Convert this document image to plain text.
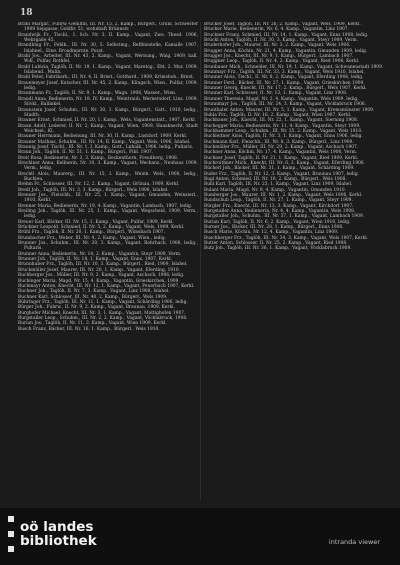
18

Brahl Margar., Fuhrw.-Gehilfin, III. Nr. 15, 2. Kamp., Bürgerl., Grünl. Schwester 1909 Sepgasse, Goldbr. 51, wohnhaft Brünnstr.

Brandwijk Fr., Tischl., 1. Sch. Nr. 3, II. Kamp., Vagant, Zwe. Thesd. 1906, Wehrgaße 45.

Brandhlug Fr., Fehlh., III. Nr. 30, 5. Selbstmg., Reffmnstelle, Kamalle 1907, Islahnel., Eine. Broadmarnte. Pozst.

Brahl Jos., Arbeiter, III. Nr. 43, 2. Kamp., Vagant, Wernung., Walg. 1909, hall. Wdl., Pulfar, Rothfel.

Brahl Lubicia, Taglöh, II. Nr. 19, 1. Kamp., Vagant, Maretog., Ebt. 2. Mur. 1909, Islahend., Mulin.

Brahl Peter, Fabrikarb., III. Nr. 4, II. Brnst., Gotthard., 1909, Krimshob., Brnst.

Brauemeyer Josef, Kutscher, III. Nr. 45, 2. Kamp., Klingsch, Wien., Pulfar, 1909, ledig.

Braunmann Fr., Taglöh, II. Nr. 9, 1. Kamp., Wagn. 1906, Wasser., Wien.

Brandl Anna, Bedienerin, Nr. 18, IV. Kamp., Weintraub, Wernersdorf, Linz. 1909, Slivkl., Ballinkel.

Braunstein Josef, Schuhm., III. Nr. 30, 1. Kamp., Bürgerl., Gatt., 1910, ledig., Stadtb.

Brauner Ernst, Schmied, II. Nr. 20, 1. Kamp., Wels, Vagantenstatt., 1907, Kerkl.

Braun Adolf, Lederer, II. Nr. 2, Kamp., Vagant, Wien, 1909, Hausknecht, Stadt Weichsel., Kl.

Brauner Herrmann, Bedienung, III. Nr. 30, II. Kamp., Lnstdorf, 1909, Kerkl.

Brauner Mathias, Schuhm., III. Nr. 14, II. Kamp., Vagant, Wels, 1906, Islahel.

Braunig Josef, Tischl., III. Nr. 1, I. Kamp., Gott., Lnhalk., 1906, ledig., Pultaris.

Braun Joh., Taglöh, II. Nr. 51, 1. Kamp., Bürgerl., Fibl. 1907.

Breit Rosa, Bedienerin, Nr. 3, 3. Kamp., Beckenthorn, Freudberg, 1908.

Brechlner Anna, Kellnerin, Nr. 10, 3. Kamp., Vagant, Wechanz., Neuhaus 1909, Verm., ledig.

Brechtl Alois, Maurerg., III. Nr. 15, I. Kamp., Weinh. Wels, 1908, ledig., Buchleu.

Brehm Fr., Schlosser, III. Nr. 12, 2. Kamp., Vagant, Grünau, 1909, Kerkl.

Bredl Joh., Taglöh, III. Nr. 3, 3. Kamp., Bürgerl., Wels 1906, Islahel.

Brenner Jos., Fleischh., III. Nr. 25, 1. Kamp., Vagant, Gmunden, Weinzierl., 1910, Kerkl.

Brenner Maria, Bedienerin, Nr. 19, 4. Kamp., Vagantin, Lambach, 1907, ledig.

Breiling Joh., Taglöh, III. Nr. 25, 1. Kamp., Vagant, Wegscheid, 1909, Verm., ledig.

Breuer Karl, Bäcker, III. Nr. 15, 1. Kamp., Vagant, Pulfar, 1909, Kerkl.

Brückner Leopold, Schmied, II. Nr. 5, 2. Kamp., Vagant, Wels, 1909, Kerkl.

Brühl Frz., Taglöh, II. Nr. 20, 1. Kamp., Bürgerl., Wimsbach 1907.

Brumbacher Frz., Weber, III. Nr. 4, 2. Kamp., Vagant, Wien., ledig.

Brunner Jos., Schuhm., III. Nr. 30, 3. Kamp., Vagant, Rohrbach, 1908, ledig., Pultaris.

Brunner Anna, Bedienerin, Nr. 14, 2. Kamp., Vagantin, Steyr 1909, Verm.

Brunner Joh., Taglöh, II. Nr. 18, 1. Kamp., Vagant, Enns, 1907, Kerkl.

Brunnhuber Frz., Taglöh, III. Nr. 10, 3. Kamp., Bürgerl., Ried, 1909, Islahel.

Bruckmüller Josef, Maurer, III. Nr. 20, 1. Kamp., Vagant, Eferding, 1910.

Buchberger Jos., Müller, III. Nr. 9, 2. Kamp., Vagant, Aschach, 1906, ledig.

Buchinger Maria, Magd, Nr. 15, 4. Kamp., Vagantin, Grieskirchen, 1909.

Buchmayr Anton, Knecht, III. Nr. 12, 1. Kamp., Vagant, Peuerbach 1907, Kerkl.

Buchner Joh., Taglöh, II. Nr. 7, 3. Kamp., Vagant, Linz 1908, Islahel.

Buchner Karl, Schlosser, III. Nr. 40, 2. Kamp., Bürgerl., Wels 1909.

Bühringer Frz., Taglöh, III. Nr. 11, 1. Kamp., Vagant, Schärding 1906, ledig.

Bürger Joh., Fuhrw., II. Nr. 9, 2. Kamp., Vagant, Braunau, 1909, Kerkl.

Burghofer Michael, Knecht, III. Nr. 3, 1. Kamp., Vagant, Mattighofen 1907.

Burgstaller Leop., Schuhm., III. Nr. 2, 2. Kamp., Vagant, Vöcklabruck, 1908.

Burian Jos., Taglöh, II. Nr. 11, 3. Kamp., Vagant, Wien 1909, Kerkl.

Busch Franz, Bäcker, III. Nr. 16, 1. Kamp., Bürgerl., Wels 1910.

Brucker Josef, Taglöh, III. Nr. 26, 2. Kamp., Vagant, Wels, 1909, Kerkl.

Brucker Marie, Bedienerin, Nr. 6, 4. Kamp., Vagantin, Linz 1907.

Bruckner Franz, Schmied, III. Nr. 14, 1. Kamp., Vagant, Enns 1908, ledig.

Brückl Anton, Taglöh, II. Nr. 30, 3. Kamp., Vagant, Steyr 1909, Verm.

Bruderhofer Joh., Maurer, III. Nr. 3, 2. Kamp., Vagant, Wels 1906.

Brugger Anna, Köchin, Nr. 21, 4. Kamp., Vagantin, Gmunden 1909, ledig.

Brugger Jos., Knecht, III. Nr. 9, 1. Kamp., Bürgerl., Lambach 1907.

Bruggner Leop., Taglöh, II. Nr. 4, 2. Kamp., Vagant, Ried 1908, Kerkl.

Brunbauer Mich., Schneider, III. Nr. 19, 1. Kamp., Vagant, Schwanenstadt 1909.

Brunmayr Frz., Taglöh, III. Nr. 33, 3. Kamp., Vagant, Wels 1910, Islahel.

Brunner Alois, Tischl., II. Nr. 8, 2. Kamp., Vagant, Eferding 1906, ledig.

Brunner Ferd., Bäcker, III. Nr. 27, 1. Kamp., Vagant, Grieskirchen 1909.

Brunner Georg, Knecht, III. Nr. 17, 2. Kamp., Bürgerl., Wels 1907, Kerkl.

Brunner Karl, Schlosser, II. Nr. 13, 1. Kamp., Vagant, Linz 1908.

Brunner Theresia, Magd, Nr. 2, 4. Kamp., Vagantin, Wels 1909, ledig.

Brunnmayr Jos., Taglöh, III. Nr. 24, 3. Kamp., Vagant, Vöcklabruck 1906.

Brunthaler Anton, Maurer, III. Nr. 5, 1. Kamp., Vagant, Kremsmünster 1909.

Bubla Frz., Taglöh, II. Nr. 16, 2. Kamp., Vagant, Wien 1907, Kerkl.

Buchbauer Joh., Knecht, III. Nr. 22, 1. Kamp., Vagant, Sierning 1908.

Buchegger Maria, Bedienerin, Nr. 11, 4. Kamp., Vagantin, Steyr 1909.

Buchhammer Leop., Schuhm., III. Nr. 35, 2. Kamp., Vagant, Wels 1910.

Buchleitner Alois, Taglöh, II. Nr. 3, 1. Kamp., Vagant, Enns 1906, ledig.

Buchmann Karl, Fleischh., III. Nr. 8, 3. Kamp., Bürgerl., Linz 1909.

Buchmüller Frz., Müller, III. Nr. 29, 2. Kamp., Vagant, Aschach 1907.

Buchner Anna, Köchin, Nr. 17, 4. Kamp., Vagantin, Wels 1908, Verm.

Buchner Josef, Taglöh, II. Nr. 21, 1. Kamp., Vagant, Ried 1909, Kerkl.

Buchroithner Mich., Knecht, III. Nr. 6, 2. Kamp., Vagant, Eferding 1906.

Bücherl Joh., Bäcker, III. Nr. 31, 1. Kamp., Vagant, Schärding 1909.

Buder Frz., Taglöh, II. Nr. 12, 3. Kamp., Vagant, Braunau 1907, ledig.

Bugl Anton, Schmied, III. Nr. 18, 2. Kamp., Bürgerl., Wels 1908.

Buhl Karl, Taglöh, III. Nr. 23, 1. Kamp., Vagant, Linz 1909, Islahel.

Bulant Maria, Magd, Nr. 9, 4. Kamp., Vagantin, Gmunden 1910.

Bumberger Jos., Maurer, III. Nr. 1, 2. Kamp., Vagant, Wels 1906, Kerkl.

Bundschuh Leop., Taglöh, II. Nr. 27, 1. Kamp., Vagant, Steyr 1909.

Bürgler Frz., Knecht, III. Nr. 13, 3. Kamp., Vagant, Kirchdorf 1907.

Burgstaller Anna, Bedienerin, Nr. 4, 4. Kamp., Vagantin, Wels 1908.

Burgstaller Joh., Schuhm., III. Nr. 37, 1. Kamp., Vagant, Lambach 1909.

Burian Karl, Taglöh, II. Nr. 6, 2. Kamp., Vagant, Wien 1910, ledig.

Burner Jos., Bäcker, III. Nr. 28, 1. Kamp., Bürgerl., Enns 1906.

Busch Marie, Köchin, Nr. 12, 4. Kamp., Vagantin, Linz 1909.

Buschberger Frz., Taglöh, III. Nr. 34, 3. Kamp., Vagant, Wels 1907, Kerkl.

Butter Anton, Schlosser, II. Nr. 25, 2. Kamp., Vagant, Ried 1908.

Butz Joh., Taglöh, III. Nr. 36, 1. Kamp., Vagant, Vöcklabruck 1909.

oö landes
bibliothek	intranda viewer
